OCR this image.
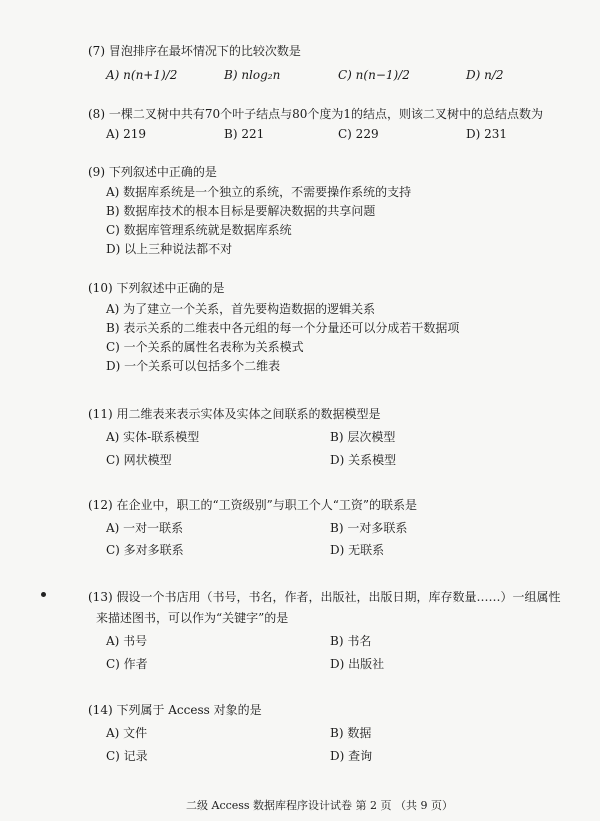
(7) 冒泡排序在最坏情况下的比较次数是
A) n(n+1)/2	B) nlog₂n	C) n(n−1)/2	D) n/2
(8) 一棵二叉树中共有70个叶子结点与80个度为1的结点，则该二叉树中的总结点数为
A) 219	B) 221	C) 229	D) 231
(9) 下列叙述中正确的是
A) 数据库系统是一个独立的系统，不需要操作系统的支持
B) 数据库技术的根本目标是要解决数据的共享问题
C) 数据库管理系统就是数据库系统
D) 以上三种说法都不对
(10) 下列叙述中正确的是
A) 为了建立一个关系，首先要构造数据的逻辑关系
B) 表示关系的二维表中各元组的每一个分量还可以分成若干数据项
C) 一个关系的属性名表称为关系模式
D) 一个关系可以包括多个二维表
(11) 用二维表来表示实体及实体之间联系的数据模型是
A) 实体-联系模型	B) 层次模型
C) 网状模型	D) 关系模型
(12) 在企业中，职工的“工资级别”与职工个人“工资”的联系是
A) 一对一联系	B) 一对多联系
C) 多对多联系	D) 无联系
(13) 假设一个书店用（书号，书名，作者，出版社，出版日期，库存数量……）一组属性
来描述图书，可以作为“关键字”的是
A) 书号	B) 书名
C) 作者	D) 出版社
(14) 下列属于 Access 对象的是
A) 文件	B) 数据
C) 记录	D) 查询
二级 Access 数据库程序设计试卷 第 2 页 （共 9 页）
